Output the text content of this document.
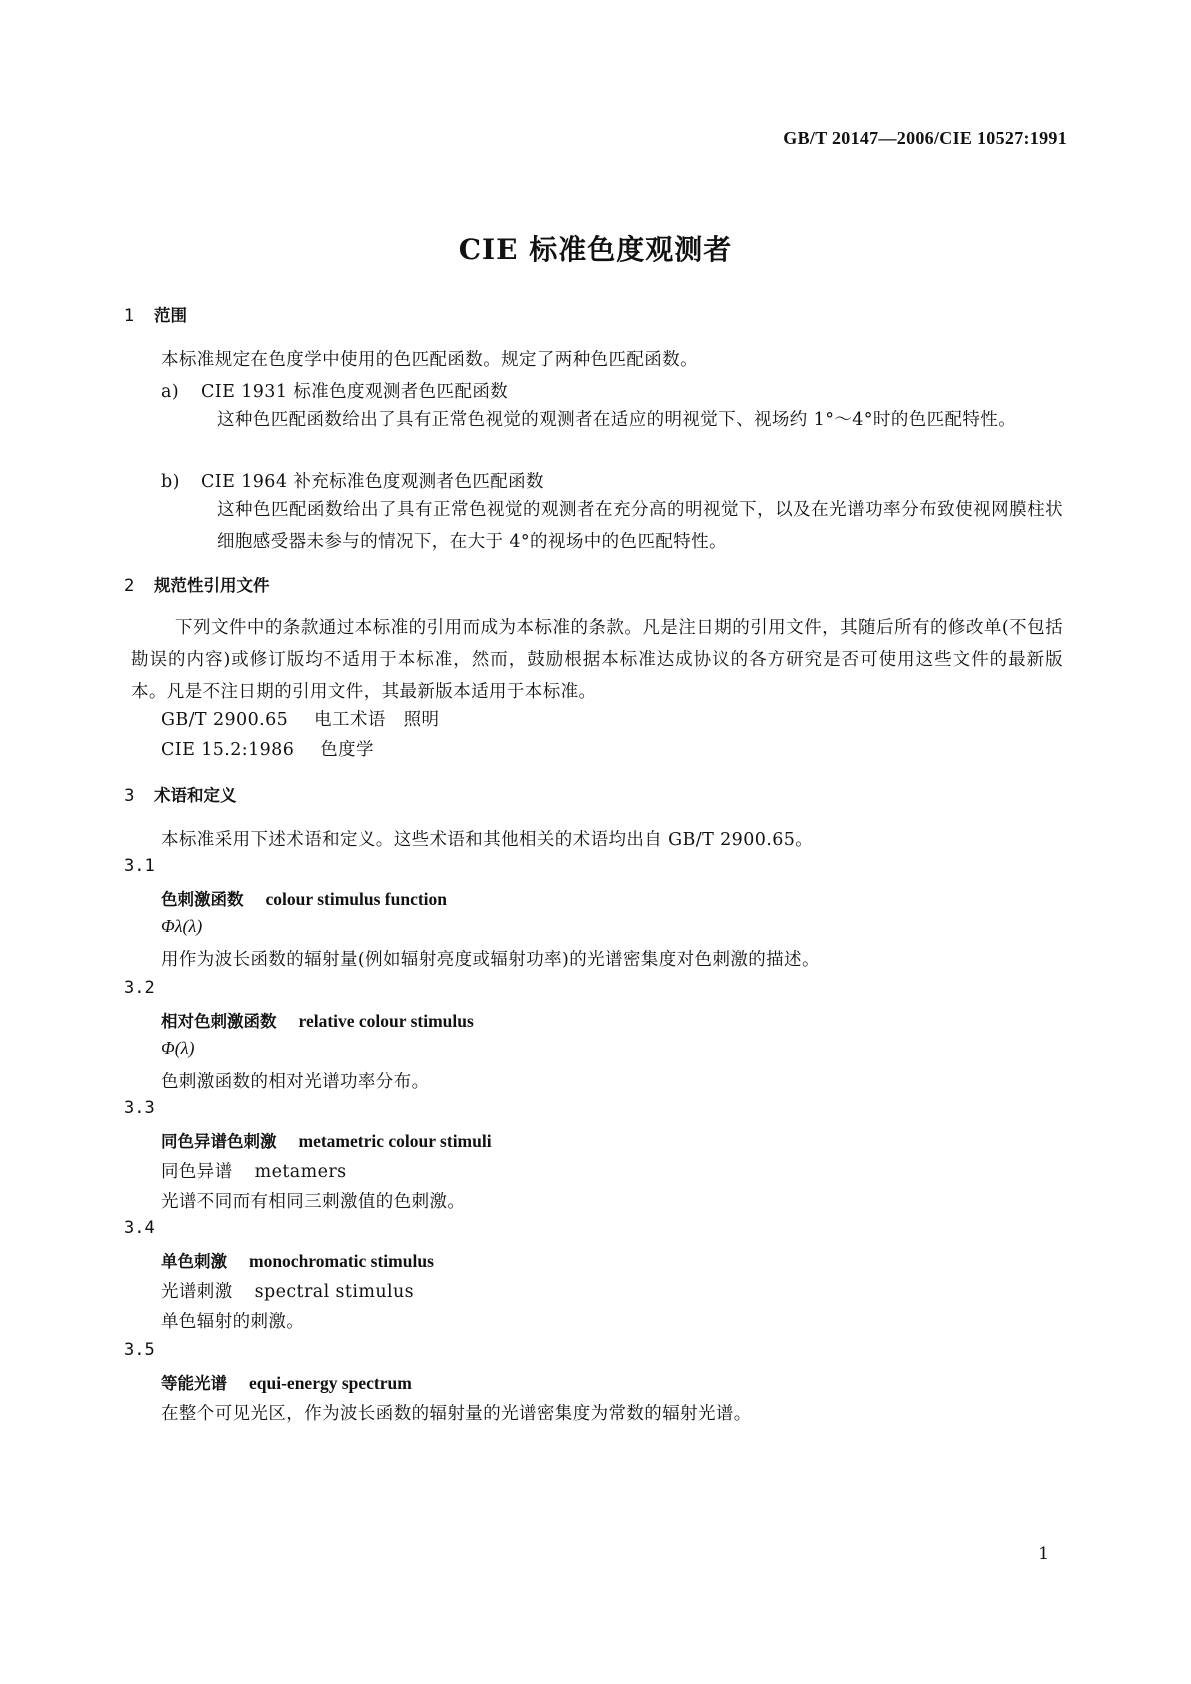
GB/T 20147—2006/CIE 10527:1991
CIE 标准色度观测者
1 范围
本标准规定在色度学中使用的色匹配函数。规定了两种色匹配函数。
a) CIE 1931 标准色度观测者色匹配函数
这种色匹配函数给出了具有正常色视觉的观测者在适应的明视觉下、视场约 1°～4°时的色匹配特性。
b) CIE 1964 补充标准色度观测者色匹配函数
这种色匹配函数给出了具有正常色视觉的观测者在充分高的明视觉下，以及在光谱功率分布致使视网膜柱状细胞感受器未参与的情况下，在大于 4°的视场中的色匹配特性。
2 规范性引用文件
下列文件中的条款通过本标准的引用而成为本标准的条款。凡是注日期的引用文件，其随后所有的修改单(不包括勘误的内容)或修订版均不适用于本标准，然而，鼓励根据本标准达成协议的各方研究是否可使用这些文件的最新版本。凡是不注日期的引用文件，其最新版本适用于本标准。
GB/T 2900.65 电工术语　照明
CIE 15.2:1986 色度学
3 术语和定义
本标准采用下述术语和定义。这些术语和其他相关的术语均出自 GB/T 2900.65。
3.1
色刺激函数 colour stimulus function
Φλ(λ)
用作为波长函数的辐射量(例如辐射亮度或辐射功率)的光谱密集度对色刺激的描述。
3.2
相对色刺激函数 relative colour stimulus
Φ(λ)
色刺激函数的相对光谱功率分布。
3.3
同色异谱色刺激 metametric colour stimuli
同色异谱 metamers
光谱不同而有相同三刺激值的色刺激。
3.4
单色刺激 monochromatic stimulus
光谱刺激 spectral stimulus
单色辐射的刺激。
3.5
等能光谱 equi-energy spectrum
在整个可见光区，作为波长函数的辐射量的光谱密集度为常数的辐射光谱。
1
